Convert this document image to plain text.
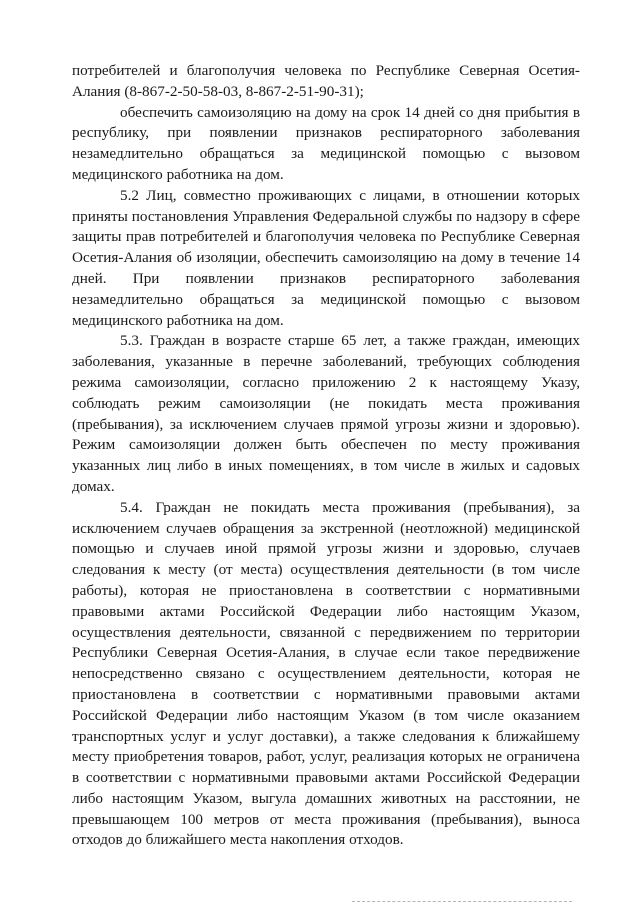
потребителей и благополучия человека по Республике Северная Осетия-Алания (8-867-2-50-58-03, 8-867-2-51-90-31);

обеспечить самоизоляцию на дому на срок 14 дней со дня прибытия в республику, при появлении признаков респираторного заболевания незамедлительно обращаться за медицинской помощью с вызовом медицинского работника на дом.

5.2 Лиц, совместно проживающих с лицами, в отношении которых приняты постановления Управления Федеральной службы по надзору в сфере защиты прав потребителей и благополучия человека по Республике Северная Осетия-Алания об изоляции, обеспечить самоизоляцию на дому в течение 14 дней. При появлении признаков респираторного заболевания незамедлительно обращаться за медицинской помощью с вызовом медицинского работника на дом.

5.3. Граждан в возрасте старше 65 лет, а также граждан, имеющих заболевания, указанные в перечне заболеваний, требующих соблюдения режима самоизоляции, согласно приложению 2 к настоящему Указу, соблюдать режим самоизоляции (не покидать места проживания (пребывания), за исключением случаев прямой угрозы жизни и здоровью). Режим самоизоляции должен быть обеспечен по месту проживания указанных лиц либо в иных помещениях, в том числе в жилых и садовых домах.

5.4. Граждан не покидать места проживания (пребывания), за исключением случаев обращения за экстренной (неотложной) медицинской помощью и случаев иной прямой угрозы жизни и здоровью, случаев следования к месту (от места) осуществления деятельности (в том числе работы), которая не приостановлена в соответствии с нормативными правовыми актами Российской Федерации либо настоящим Указом, осуществления деятельности, связанной с передвижением по территории Республики Северная Осетия-Алания, в случае если такое передвижение непосредственно связано с осуществлением деятельности, которая не приостановлена в соответствии с нормативными правовыми актами Российской Федерации либо настоящим Указом (в том числе оказанием транспортных услуг и услуг доставки), а также следования к ближайшему месту приобретения товаров, работ, услуг, реализация которых не ограничена в соответствии с нормативными правовыми актами Российской Федерации либо настоящим Указом, выгула домашних животных на расстоянии, не превышающем 100 метров от места проживания (пребывания), выноса отходов до ближайшего места накопления отходов.
